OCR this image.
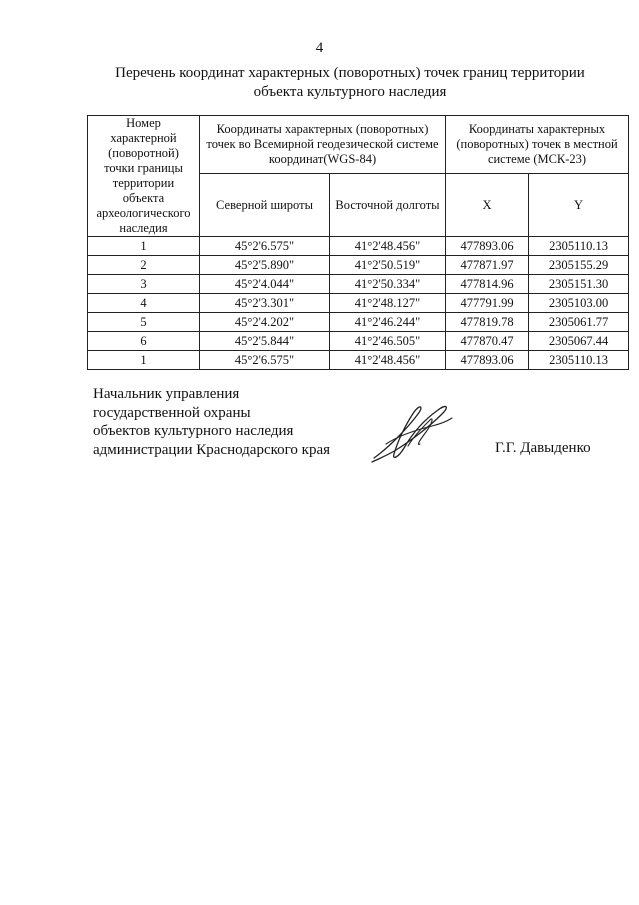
4
Перечень координат характерных (поворотных) точек границ территории
объекта культурного наследия
Номер характерной (поворотной) точки границы территории объекта археологического наследия	Координаты характерных (поворотных) точек во Всемирной геодезической системе координат(WGS-84)		Координаты характерных (поворотных) точек в местной системе (МСК-23)	
	Северной широты	Восточной долготы	X	Y
1	45°2'6.575"	41°2'48.456"	477893.06	2305110.13
2	45°2'5.890"	41°2'50.519"	477871.97	2305155.29
3	45°2'4.044"	41°2'50.334"	477814.96	2305151.30
4	45°2'3.301"	41°2'48.127"	477791.99	2305103.00
5	45°2'4.202"	41°2'46.244"	477819.78	2305061.77
6	45°2'5.844"	41°2'46.505"	477870.47	2305067.44
1	45°2'6.575"	41°2'48.456"	477893.06	2305110.13
Начальник управления
государственной охраны
объектов культурного наследия
администрации Краснодарского края	Г.Г. Давыденко
